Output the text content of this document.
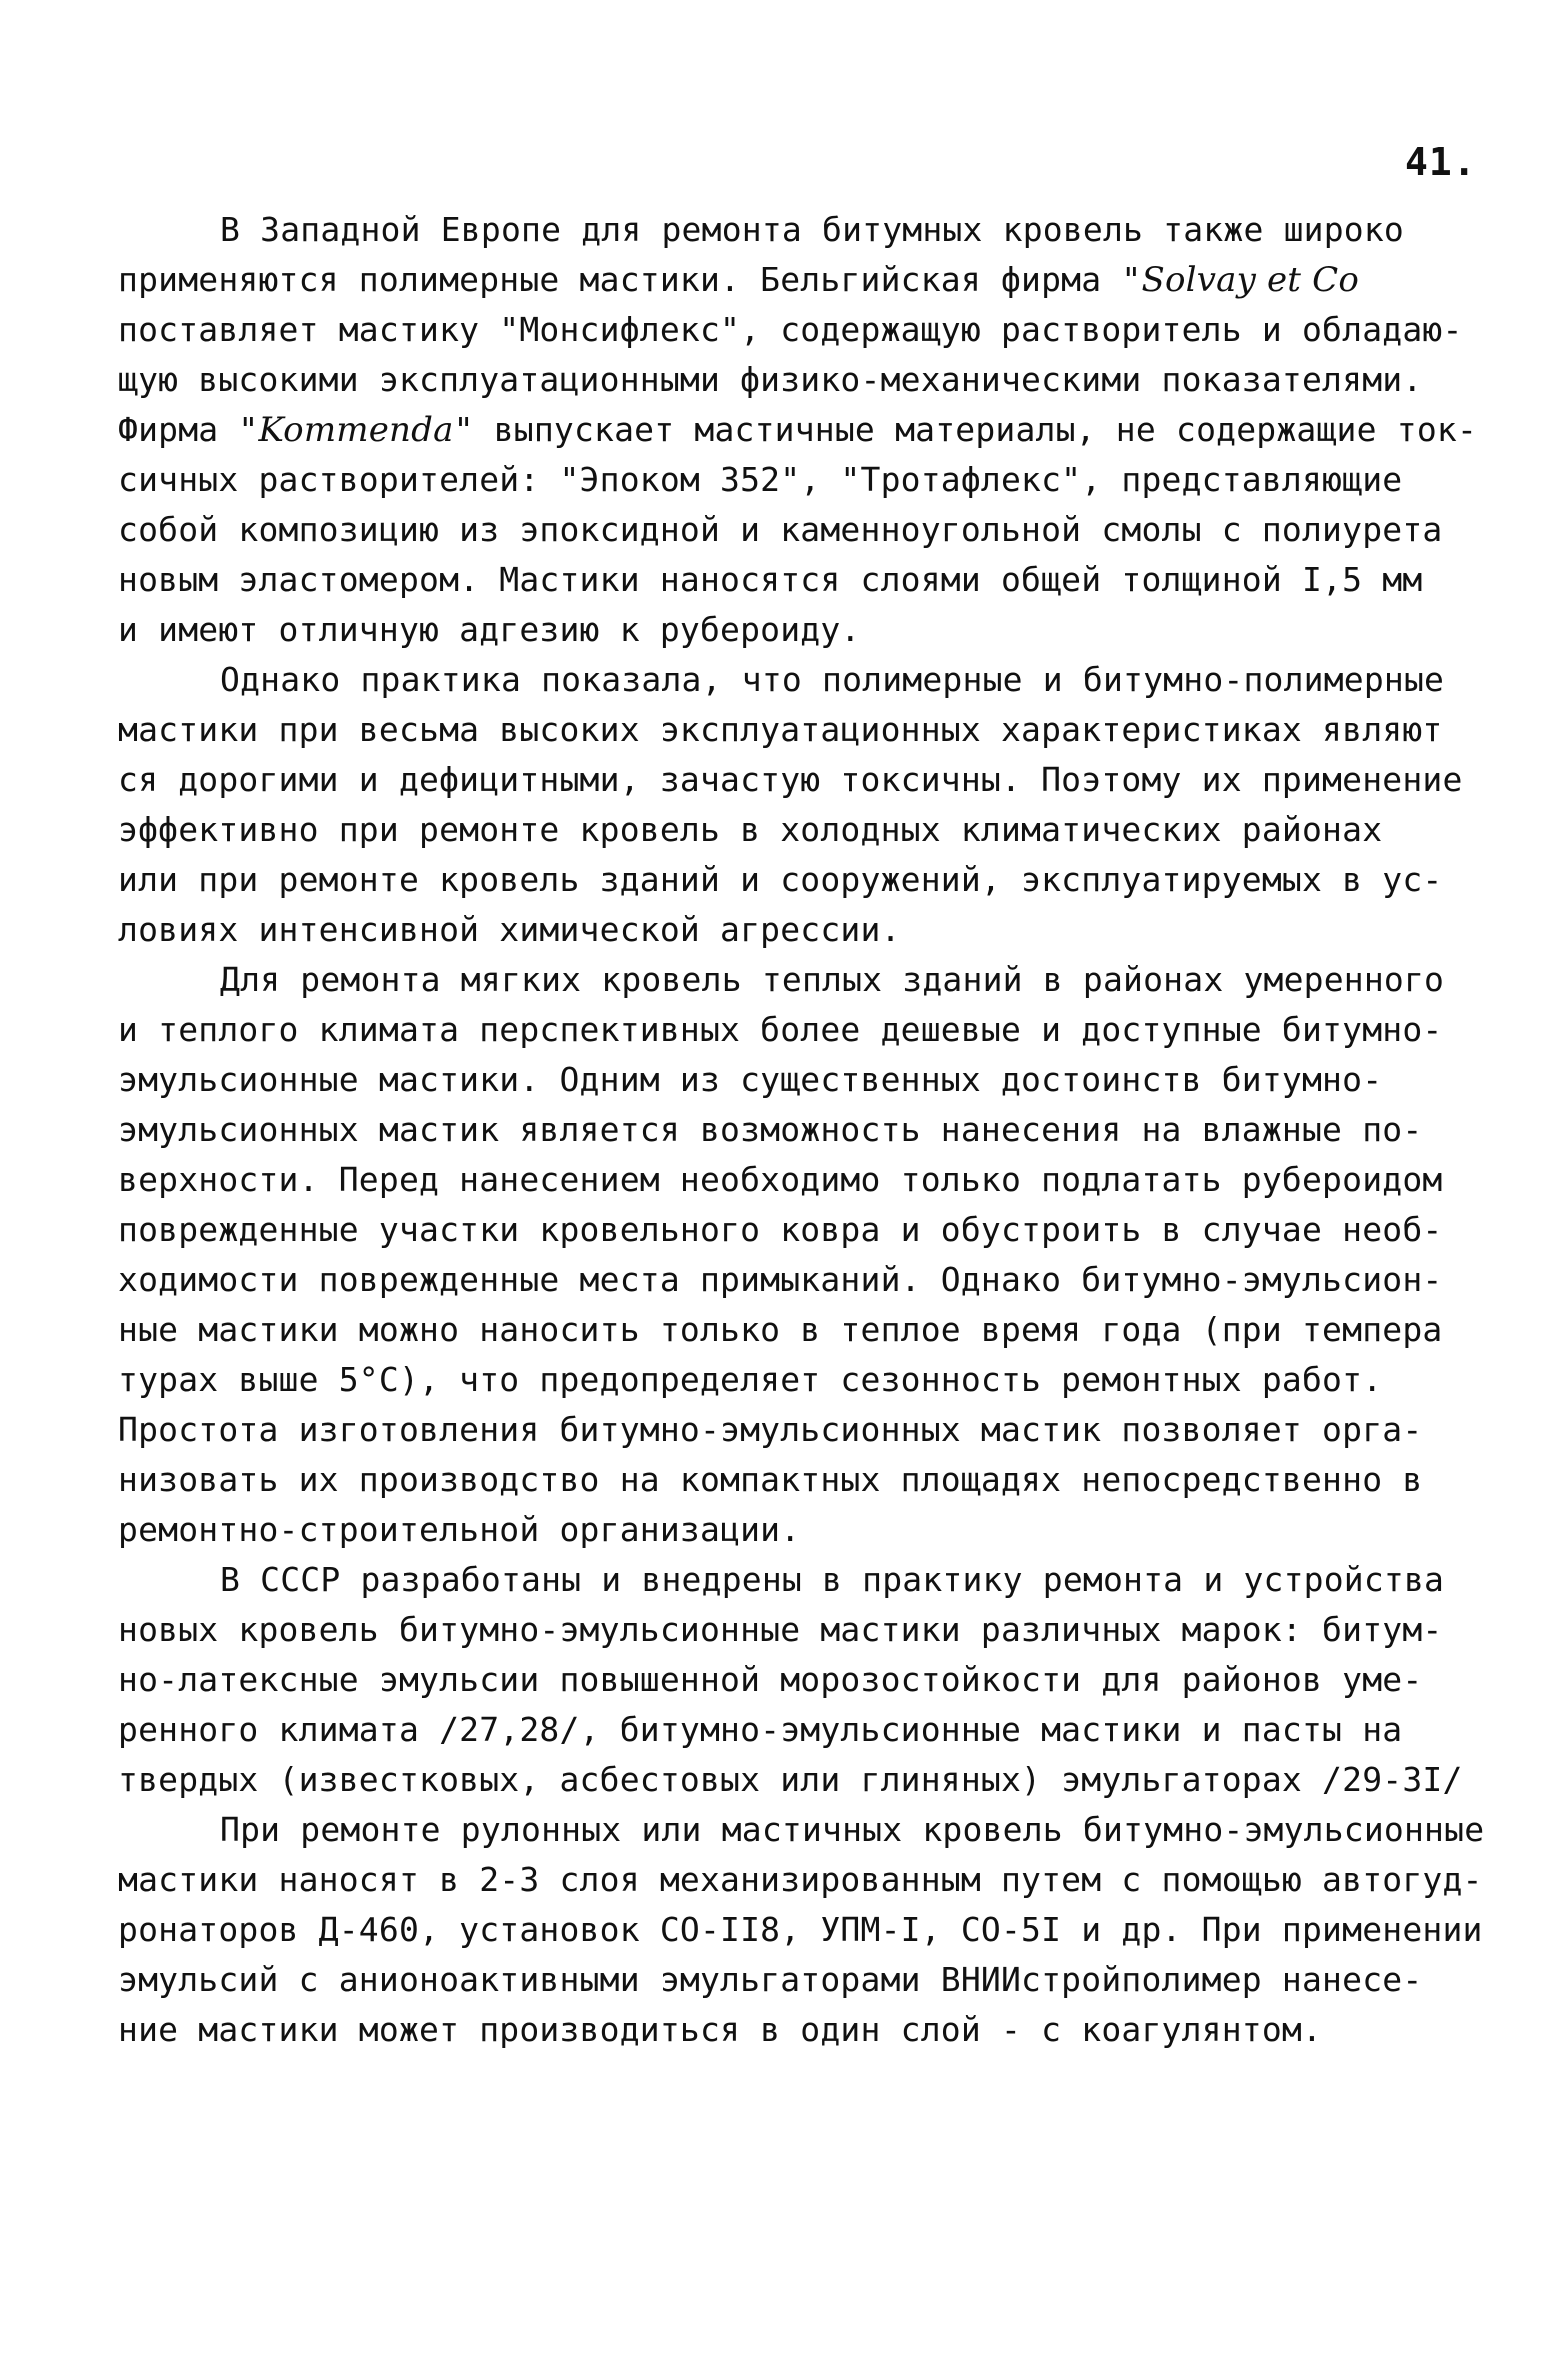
41.
В Западной Европе для ремонта битумных кровель также широко
применяются полимерные мастики. Бельгийская фирма "Solvay et Co
поставляет мастику "Монсифлекс", содержащую растворитель и обладаю-
щую высокими эксплуатационными физико-механическими показателями.
Фирма "Kommenda" выпускает мастичные материалы, не содержащие ток-
сичных растворителей: "Эпоком 352", "Тротафлекс", представляющие
собой композицию из эпоксидной и каменноугольной смолы с полиурета
новым эластомером. Мастики наносятся слоями общей толщиной I,5 мм
и имеют отличную адгезию к рубероиду.
Однако практика показала, что полимерные и битумно-полимерные
мастики при весьма высоких эксплуатационных характеристиках являют
ся дорогими и дефицитными, зачастую токсичны. Поэтому их применение
эффективно при ремонте кровель в холодных климатических районах
или при ремонте кровель зданий и сооружений, эксплуатируемых в ус-
ловиях интенсивной химической агрессии.
Для ремонта мягких кровель теплых зданий в районах умеренного
и теплого климата перспективных более дешевые и доступные битумно-
эмульсионные мастики. Одним из существенных достоинств битумно-
эмульсионных мастик является возможность нанесения на влажные по-
верхности. Перед нанесением необходимо только подлатать рубероидом
поврежденные участки кровельного ковра и обустроить в случае необ-
ходимости поврежденные места примыканий. Однако битумно-эмульсион-
ные мастики можно наносить только в теплое время года (при темпера
турах выше 5°С), что предопределяет сезонность ремонтных работ.
Простота изготовления битумно-эмульсионных мастик позволяет орга-
низовать их производство на компактных площадях непосредственно в
ремонтно-строительной организации.
В СССР разработаны и внедрены в практику ремонта и устройства
новых кровель битумно-эмульсионные мастики различных марок: битум-
но-латексные эмульсии повышенной морозостойкости для районов уме-
ренного климата /27,28/, битумно-эмульсионные мастики и пасты на
твердых (известковых, асбестовых или глиняных) эмульгаторах /29-3I/
При ремонте рулонных или мастичных кровель битумно-эмульсионные
мастики наносят в 2-3 слоя механизированным путем с помощью автогуд-
ронаторов Д-460, установок СО-II8, УПМ-I, СО-5I и др. При применении
эмульсий с анионоактивными эмульгаторами ВНИИстройполимер нанесе-
ние мастики может производиться в один слой - с коагулянтом.
